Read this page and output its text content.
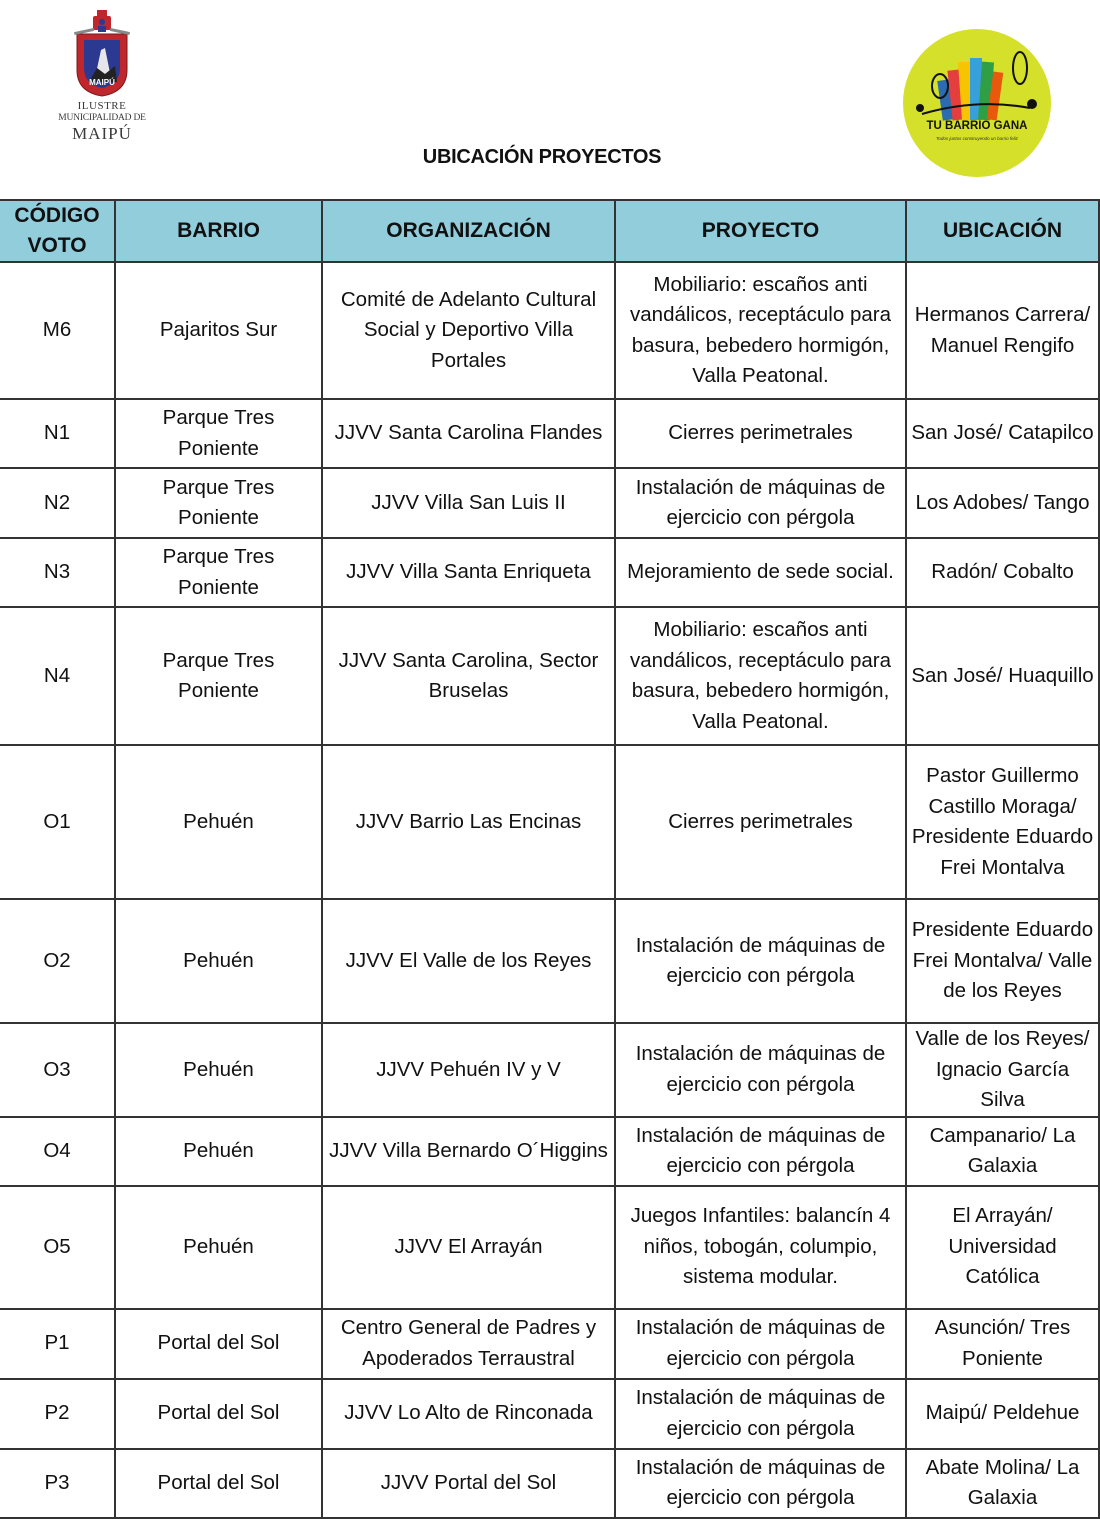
MAIPÚ
ILUSTRE
MUNICIPALIDAD DE
MAIPÚ	TU BARRIO GANA
Todos juntos construyendo un barrio feliz
UBICACIÓN PROYECTOS
CÓDIGO VOTO	BARRIO	ORGANIZACIÓN	PROYECTO	UBICACIÓN
M6	Pajaritos Sur	Comité de Adelanto Cultural Social y Deportivo Villa Portales	Mobiliario: escaños anti vandálicos, receptáculo para basura, bebedero hormigón, Valla Peatonal.	Hermanos Carrera/ Manuel Rengifo
N1	Parque Tres Poniente	JJVV Santa Carolina Flandes	Cierres perimetrales	San José/ Catapilco
N2	Parque Tres Poniente	JJVV Villa San Luis II	Instalación de máquinas de ejercicio con pérgola	Los Adobes/ Tango
N3	Parque Tres Poniente	JJVV Villa Santa Enriqueta	Mejoramiento de sede social.	Radón/ Cobalto
N4	Parque Tres Poniente	JJVV Santa Carolina, Sector Bruselas	Mobiliario: escaños anti vandálicos, receptáculo para basura, bebedero hormigón, Valla Peatonal.	San José/ Huaquillo
O1	Pehuén	JJVV Barrio Las Encinas	Cierres perimetrales	Pastor Guillermo Castillo Moraga/ Presidente Eduardo Frei Montalva
O2	Pehuén	JJVV El Valle de los Reyes	Instalación de máquinas de ejercicio con pérgola	Presidente Eduardo Frei Montalva/ Valle de los Reyes
O3	Pehuén	JJVV Pehuén IV y V	Instalación de máquinas de ejercicio con pérgola	Valle de los Reyes/ Ignacio García Silva
O4	Pehuén	JJVV Villa Bernardo O´Higgins	Instalación de máquinas de ejercicio con pérgola	Campanario/ La Galaxia
O5	Pehuén	JJVV El Arrayán	Juegos Infantiles: balancín 4 niños, tobogán, columpio, sistema modular.	El Arrayán/ Universidad Católica
P1	Portal del Sol	Centro General de Padres y Apoderados Terraustral	Instalación de máquinas de ejercicio con pérgola	Asunción/ Tres Poniente
P2	Portal del Sol	JJVV Lo Alto de Rinconada	Instalación de máquinas de ejercicio con pérgola	Maipú/ Peldehue
P3	Portal del Sol	JJVV Portal del Sol	Instalación de máquinas de ejercicio con pérgola	Abate Molina/ La Galaxia
